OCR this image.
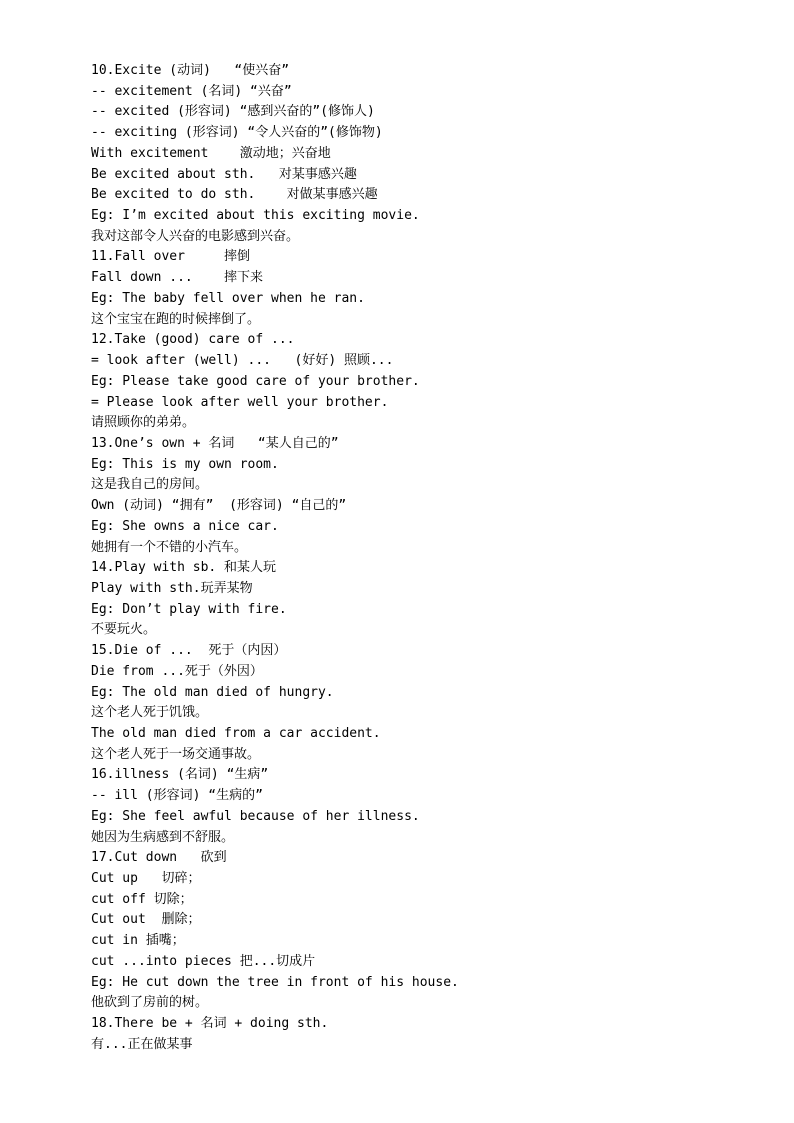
10.Excite (动词)   “使兴奋”
-- excitement (名词) “兴奋”
-- excited (形容词) “感到兴奋的”(修饰人)
-- exciting (形容词) “令人兴奋的”(修饰物)
With excitement    激动地；兴奋地
Be excited about sth.   对某事感兴趣
Be excited to do sth.    对做某事感兴趣
Eg: I’m excited about this exciting movie.
我对这部令人兴奋的电影感到兴奋。
11.Fall over     摔倒
Fall down ...    摔下来
Eg: The baby fell over when he ran.
这个宝宝在跑的时候摔倒了。
12.Take (good) care of ...
= look after (well) ...   (好好) 照顾...
Eg: Please take good care of your brother.
= Please look after well your brother.
请照顾你的弟弟。
13.One’s own + 名词   “某人自己的”
Eg: This is my own room.
这是我自己的房间。
Own (动词) “拥有”  (形容词) “自己的”
Eg: She owns a nice car.
她拥有一个不错的小汽车。
14.Play with sb. 和某人玩
Play with sth.玩弄某物
Eg: Don’t play with fire.
不要玩火。
15.Die of ...  死于（内因）
Die from ...死于（外因）
Eg: The old man died of hungry.
这个老人死于饥饿。
The old man died from a car accident.
这个老人死于一场交通事故。
16.illness (名词) “生病”
-- ill (形容词) “生病的”
Eg: She feel awful because of her illness.
她因为生病感到不舒服。
17.Cut down   砍到
Cut up   切碎；
cut off 切除；
Cut out  删除；
cut in 插嘴；
cut ...into pieces 把...切成片
Eg: He cut down the tree in front of his house.
他砍到了房前的树。
18.There be + 名词 + doing sth.
有...正在做某事
